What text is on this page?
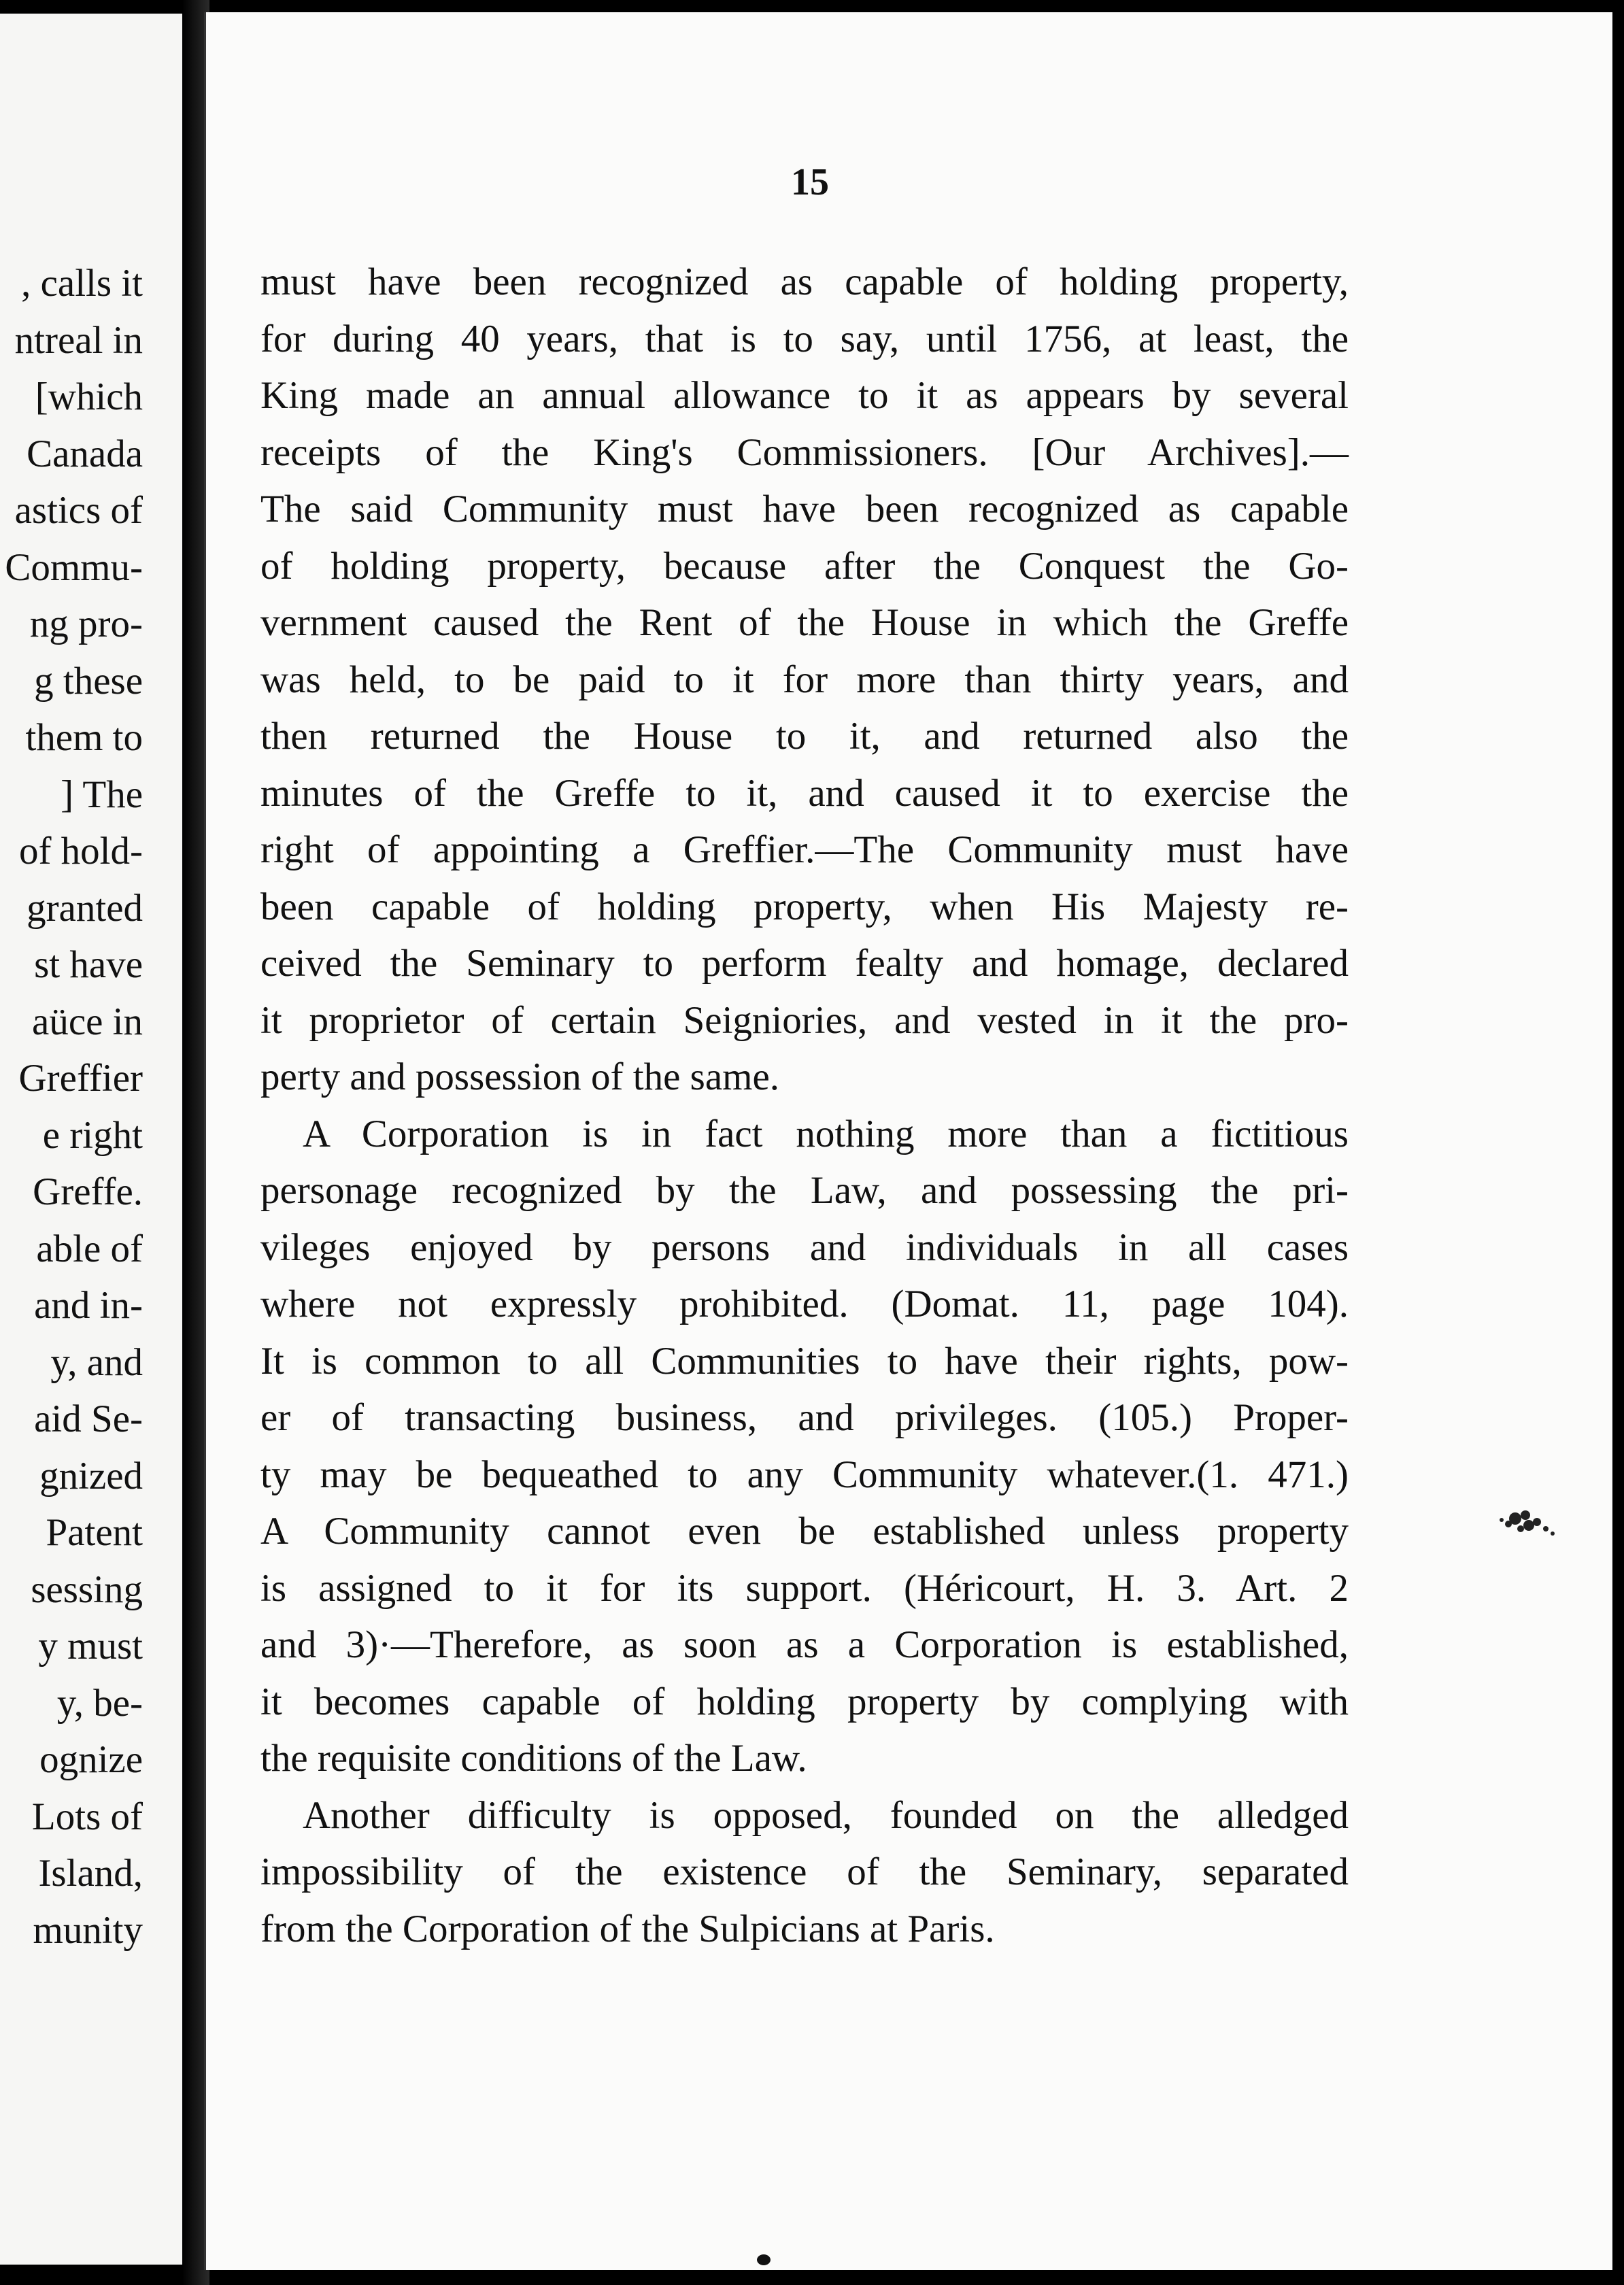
, calls it
ntreal in
[which
Canada
astics of
Commu-
ng pro-
g these
them to
] The
of hold-
granted
st have
aüce in
Greffier
e right
Greffe.
able of
and in-
y, and
aid Se-
gnized
Patent
sessing
y must
y, be-
ognize
Lots of
Island,
munity
15
must have been recognized as capable of holding property,
for during 40 years, that is to say, until 1756, at least, the
King made an annual allowance to it as appears by several
receipts of the King's Commissioners. [Our Archives].—
The said Community must have been recognized as capable
of holding property, because after the Conquest the Go-
vernment caused the Rent of the House in which the Greffe
was held, to be paid to it for more than thirty years, and
then returned the House to it, and returned also the
minutes of the Greffe to it, and caused it to exercise the
right of appointing a Greffier.—The Community must have
been capable of holding property, when His Majesty re-
ceived the Seminary to perform fealty and homage, declared
it proprietor of certain Seigniories, and vested in it the pro-
perty and possession of the same.
A Corporation is in fact nothing more than a fictitious
personage recognized by the Law, and possessing the pri-
vileges enjoyed by persons and individuals in all cases
where not expressly prohibited. (Domat. 11, page 104).
It is common to all Communities to have their rights, pow-
er of transacting business, and privileges. (105.) Proper-
ty may be bequeathed to any Community whatever.(1. 471.)
A Community cannot even be established unless property
is assigned to it for its support. (Héricourt, H. 3. Art. 2
and 3)·—Therefore, as soon as a Corporation is established,
it becomes capable of holding property by complying with
the requisite conditions of the Law.
Another difficulty is opposed, founded on the alledged
impossibility of the existence of the Seminary, separated
from the Corporation of the Sulpicians at Paris.
